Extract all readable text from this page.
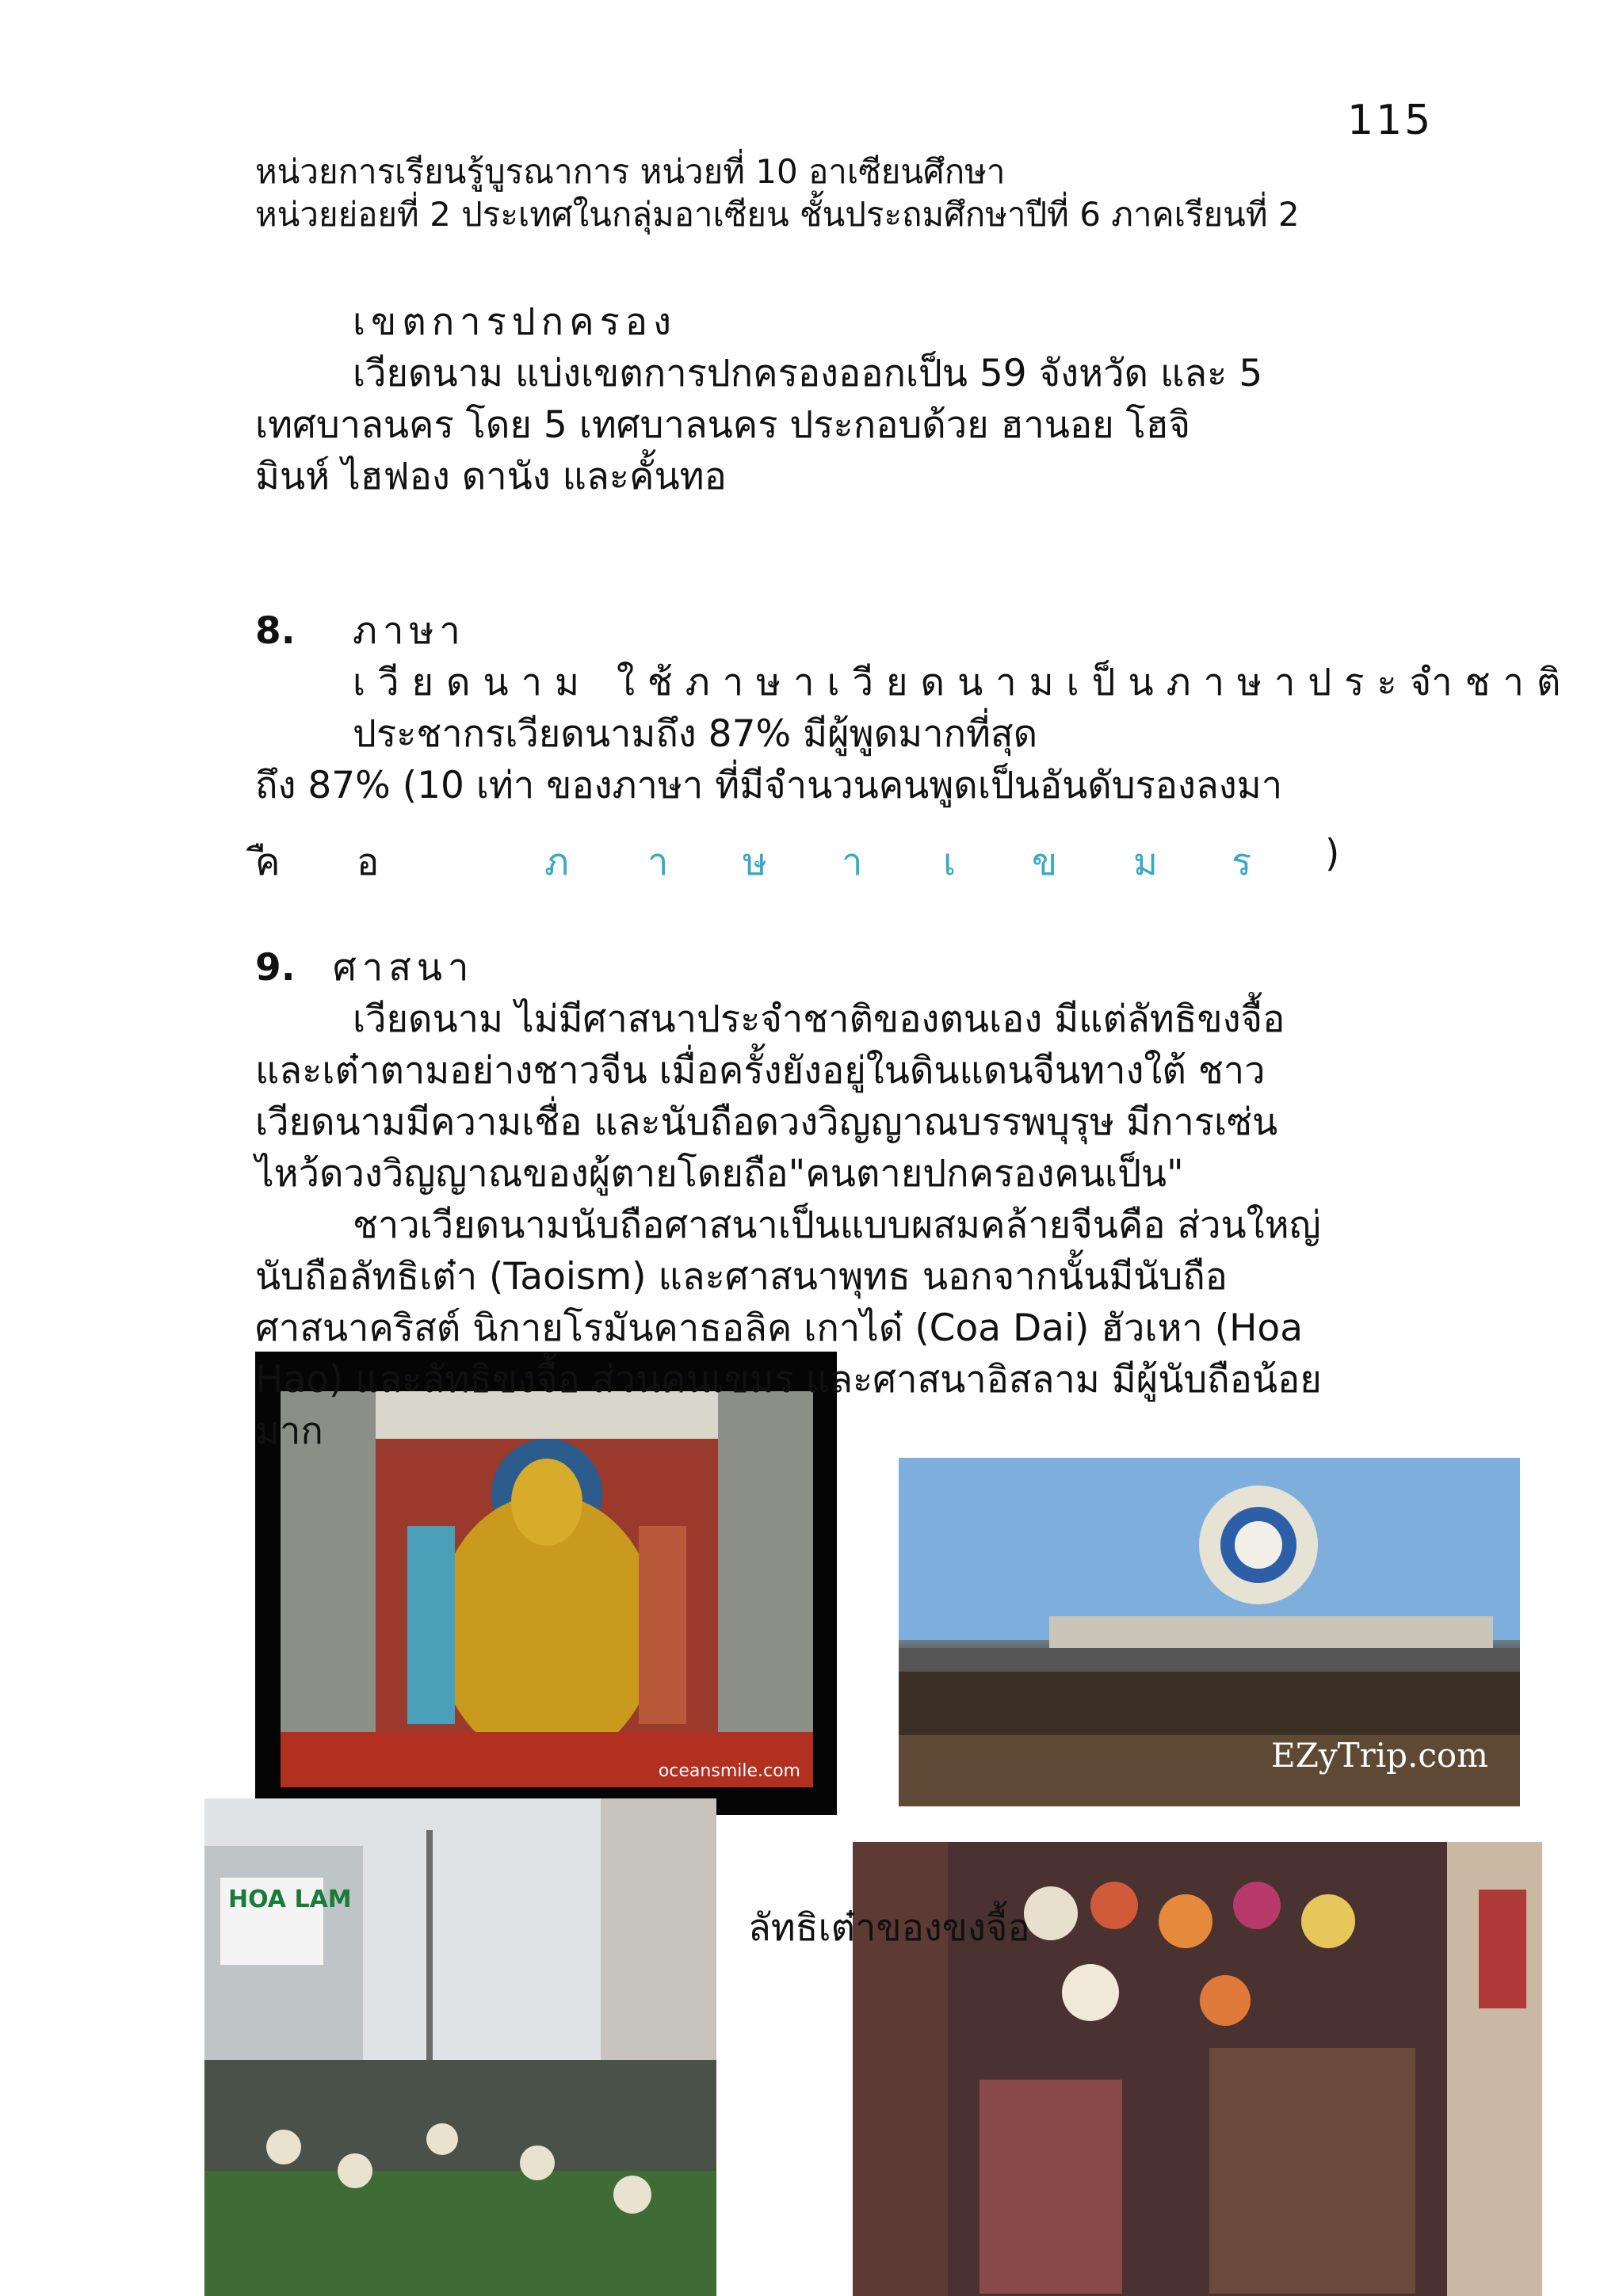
115
หน่วยการเรียนรู้บูรณาการ หน่วยที่ 10 อาเซียนศึกษา
หน่วยย่อยที่ 2 ประเทศในกลุ่มอาเซียน ชั้นประถมศึกษาปีที่ 6 ภาคเรียนที่ 2
เขตการปกครอง
เวียดนาม แบ่งเขตการปกครองออกเป็น 59 จังหวัด และ 5
เทศบาลนคร โดย 5 เทศบาลนคร ประกอบด้วย ฮานอย โฮจิ
มินห์ ไฮฟอง ดานัง และคั้นทอ
8. ภาษา
เวียดนาม ใช้ภาษาเวียดนามเป็นภาษาประจำชาติ
ประชากรเวียดนามถึง 87% มีผู้พูดมากที่สุด
ถึง 87% (10 เท่า ของภาษา ที่มีจำนวนคนพูดเป็นอันดับรองลงมา
ค อ	ภ า ษ า เ ข ม ร )
9. ศาสนา
เวียดนาม ไม่มีศาสนาประจำชาติของตนเอง มีแต่ลัทธิขงจื้อ
และเต๋าตามอย่างชาวจีน เมื่อครั้งยังอยู่ในดินแดนจีนทางใต้ ชาว
เวียดนามมีความเชื่อ และนับถือดวงวิญญาณบรรพบุรุษ มีการเซ่น
ไหว้ดวงวิญญาณของผู้ตายโดยถือ"คนตายปกครองคนเป็น"
ชาวเวียดนามนับถือศาสนาเป็นแบบผสมคล้ายจีนคือ ส่วนใหญ่
นับถือลัทธิเต๋า (Taoism) และศาสนาพุทธ นอกจากนั้นมีนับถือ
ศาสนาคริสต์ นิกายโรมันคาธอลิค เกาได๋ (Coa Dai) ฮัวเหา (Hoa
oceansmile.com
Hao) และลัทธิขงจื้อ ส่วนคนเขมร และศาสนาอิสลาม มีผู้นับถือน้อย
มาก
EZyTrip.com
HOA LAM
ลัทธิเต๋าของขงจื้อ
